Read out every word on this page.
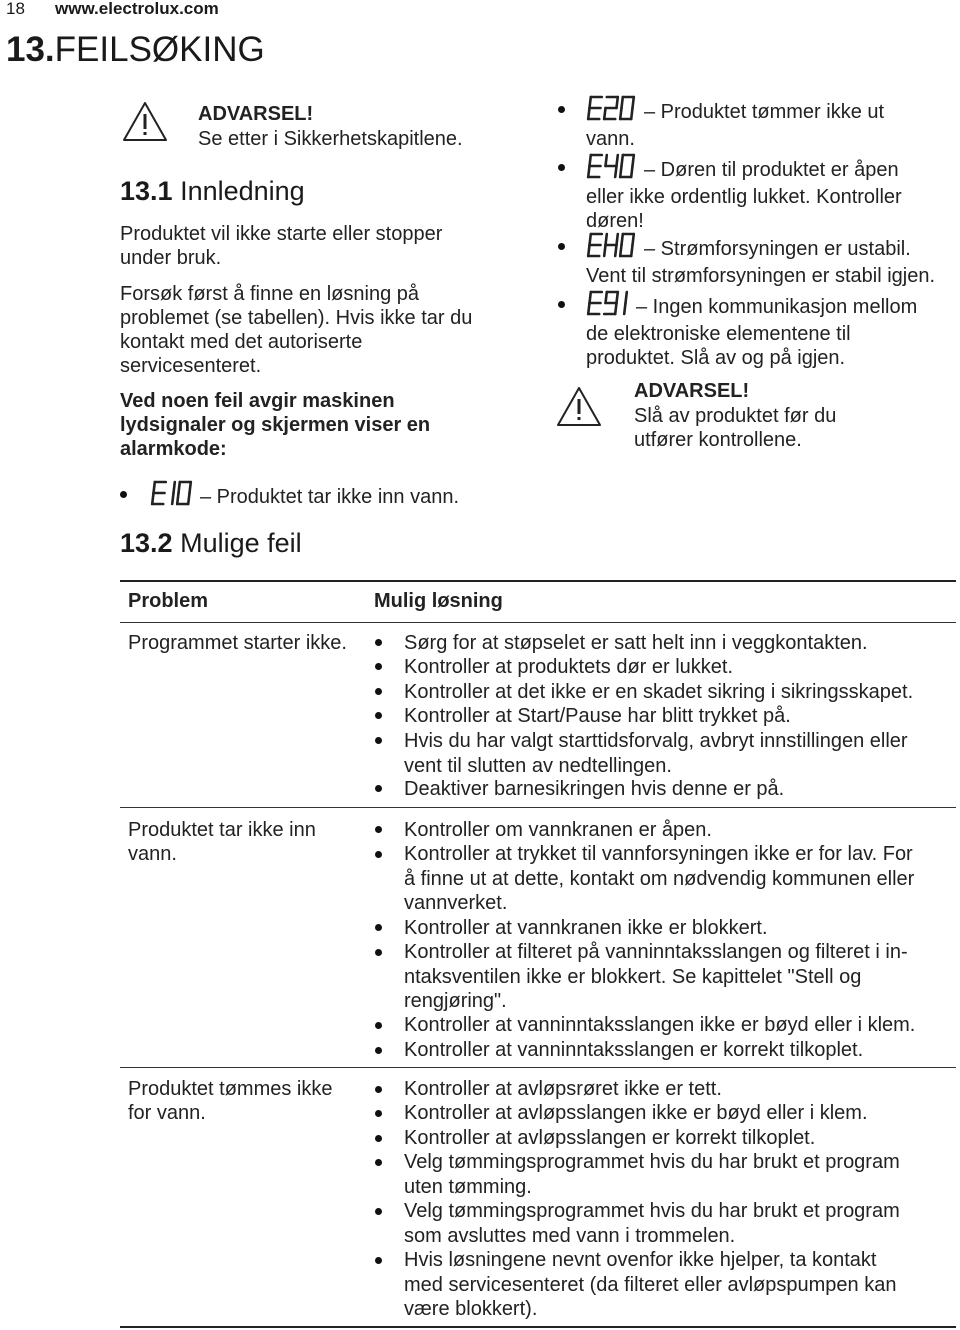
18 www.electrolux.com
13.FEILSØKING
ADVARSEL!
Se etter i Sikkerhetskapitlene.
13.1 Innledning
Produktet vil ikke starte eller stopper
under bruk.
Forsøk først å finne en løsning på
problemet (se tabellen). Hvis ikke tar du
kontakt med det autoriserte
servicesenteret.
Ved noen feil avgir maskinen
lydsignaler og skjermen viser en
alarmkode:
– Produktet tar ikke inn vann.
– Produktet tømmer ikke ut
vann.
– Døren til produktet er åpen
eller ikke ordentlig lukket. Kontroller
døren!
– Strømforsyningen er ustabil.
Vent til strømforsyningen er stabil igjen.
– Ingen kommunikasjon mellom
de elektroniske elementene til
produktet. Slå av og på igjen.
ADVARSEL!
Slå av produktet før du
utfører kontrollene.
13.2 Mulige feil
Problem	Mulig løsning
Programmet starter ikke.	Sørg for at støpselet er satt helt inn i veggkontakten.
Kontroller at produktets dør er lukket.
Kontroller at det ikke er en skadet sikring i sikringsskapet.
Kontroller at Start/Pause har blitt trykket på.
Hvis du har valgt starttidsforvalg, avbryt innstillingen eller
vent til slutten av nedtellingen.
Deaktiver barnesikringen hvis denne er på.
Produktet tar ikke inn
vann.
Kontroller om vannkranen er åpen.
Kontroller at trykket til vannforsyningen ikke er for lav. For
å finne ut at dette, kontakt om nødvendig kommunen eller
vannverket.
Kontroller at vannkranen ikke er blokkert.
Kontroller at filteret på vanninntaksslangen og filteret i in-
ntaksventilen ikke er blokkert. Se kapittelet "Stell og
rengjøring".
Kontroller at vanninntaksslangen ikke er bøyd eller i klem.
Kontroller at vanninntaksslangen er korrekt tilkoplet.
Produktet tømmes ikke
for vann.
Kontroller at avløpsrøret ikke er tett.
Kontroller at avløpsslangen ikke er bøyd eller i klem.
Kontroller at avløpsslangen er korrekt tilkoplet.
Velg tømmingsprogrammet hvis du har brukt et program
uten tømming.
Velg tømmingsprogrammet hvis du har brukt et program
som avsluttes med vann i trommelen.
Hvis løsningene nevnt ovenfor ikke hjelper, ta kontakt
med servicesenteret (da filteret eller avløpspumpen kan
være blokkert).
